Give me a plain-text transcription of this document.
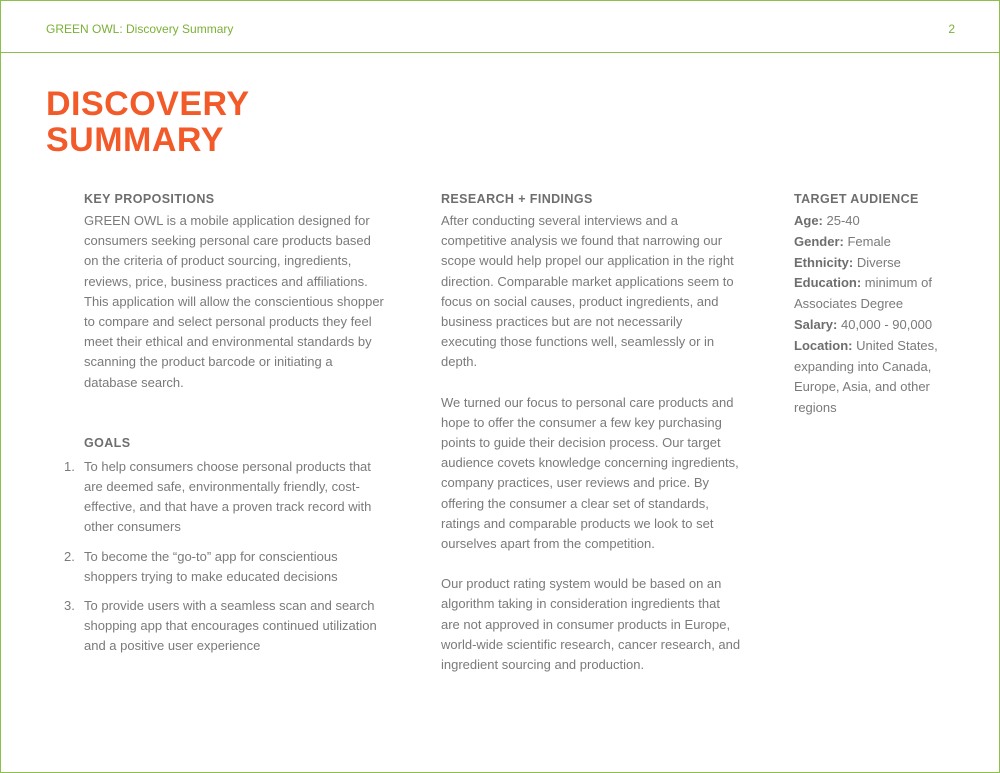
GREEN OWL: Discovery Summary	2
DISCOVERY
SUMMARY
KEY PROPOSITIONS

GREEN OWL is a mobile application designed for consumers seeking personal care products based on the criteria of product sourcing, ingredients, reviews, price, business practices and affiliations. This application will allow the conscientious shopper to compare and select personal products they feel meet their ethical and environmental standards by scanning the product barcode or initiating a database search.

GOALS
1. To help consumers choose personal products that are deemed safe, environmentally friendly, cost-effective, and that have a proven track record with other consumers
2. To become the “go-to” app for conscientious shoppers trying to make educated decisions
3. To provide users with a seamless scan and search shopping app that encourages continued utilization and a positive user experience
RESEARCH + FINDINGS

After conducting several interviews and a competitive analysis we found that narrowing our scope would help propel our application in the right direction. Comparable market applications seem to focus on social causes, product ingredients, and business practices but are not necessarily executing those functions well, seamlessly or in depth.

We turned our focus to personal care products and hope to offer the consumer a few key purchasing points to guide their decision process. Our target audience covets knowledge concerning ingredients, company practices, user reviews and price. By offering the consumer a clear set of standards, ratings and comparable products we look to set ourselves apart from the competition.

Our product rating system would be based on an algorithm taking in consideration ingredients that are not approved in consumer products in Europe, world-wide scientific research, cancer research, and ingredient sourcing and production.

TARGET AUDIENCE

Age: 25-40

Gender: Female

Ethnicity: Diverse

Education: minimum of Associates Degree

Salary: 40,000 - 90,000

Location: United States, expanding into Canada, Europe, Asia, and other regions
